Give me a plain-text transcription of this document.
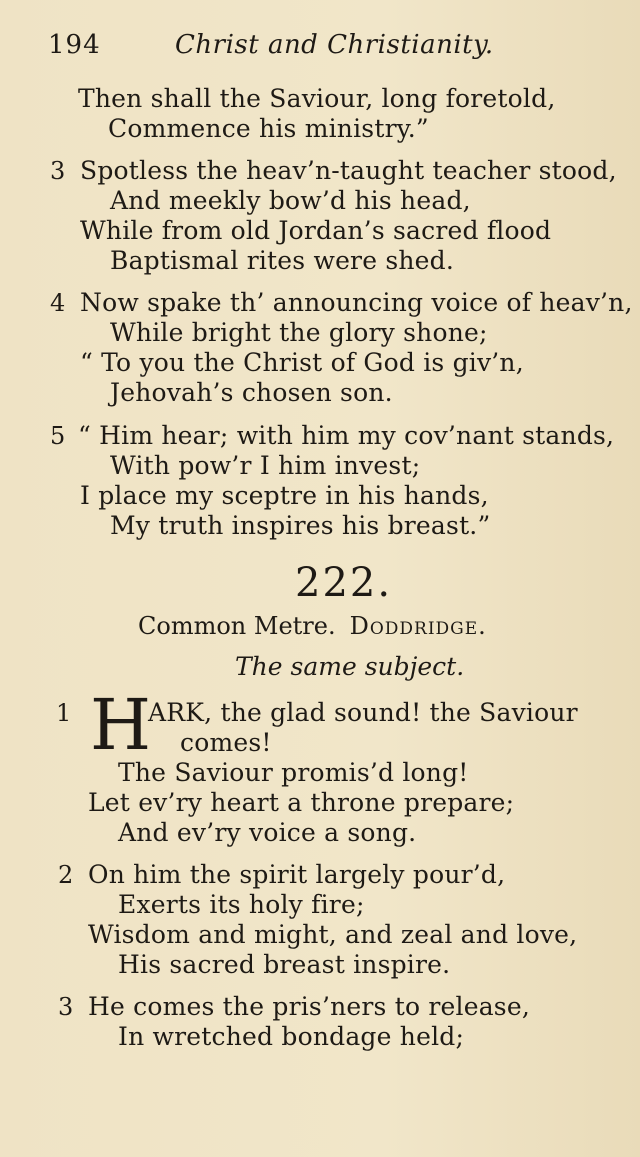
194	Christ and Christianity.
Then shall the Saviour, long foretold,
Commence his ministry.”
3 Spotless the heav’n-taught teacher stood,
And meekly bow’d his head,
While from old Jordan’s sacred flood
Baptismal rites were shed.
4 Now spake th’ announcing voice of heav’n,
While bright the glory shone;
“ To you the Christ of God is giv’n,
Jehovah’s chosen son.
5 “ Him hear; with him my cov’nant stands,
With pow’r I him invest;
I place my sceptre in his hands,
My truth inspires his breast.”
222.
Common Metre. Doddridge.
The same subject.
1 H
ARK, the glad sound! the Saviour
comes!
The Saviour promis’d long!
Let ev’ry heart a throne prepare;
And ev’ry voice a song.
2 On him the spirit largely pour’d,
Exerts its holy fire;
Wisdom and might, and zeal and love,
His sacred breast inspire.
3 He comes the pris’ners to release,
In wretched bondage held;
